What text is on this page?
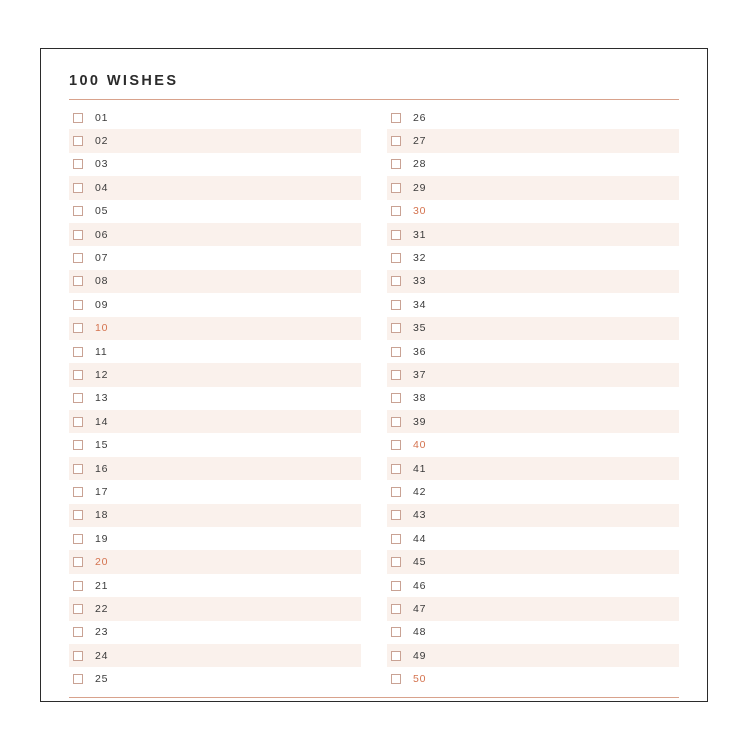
100 WISHES
01
02
03
04
05
06
07
08
09
10
11
12
13
14
15
16
17
18
19
20
21
22
23
24
25
26
27
28
29
30
31
32
33
34
35
36
37
38
39
40
41
42
43
44
45
46
47
48
49
50
